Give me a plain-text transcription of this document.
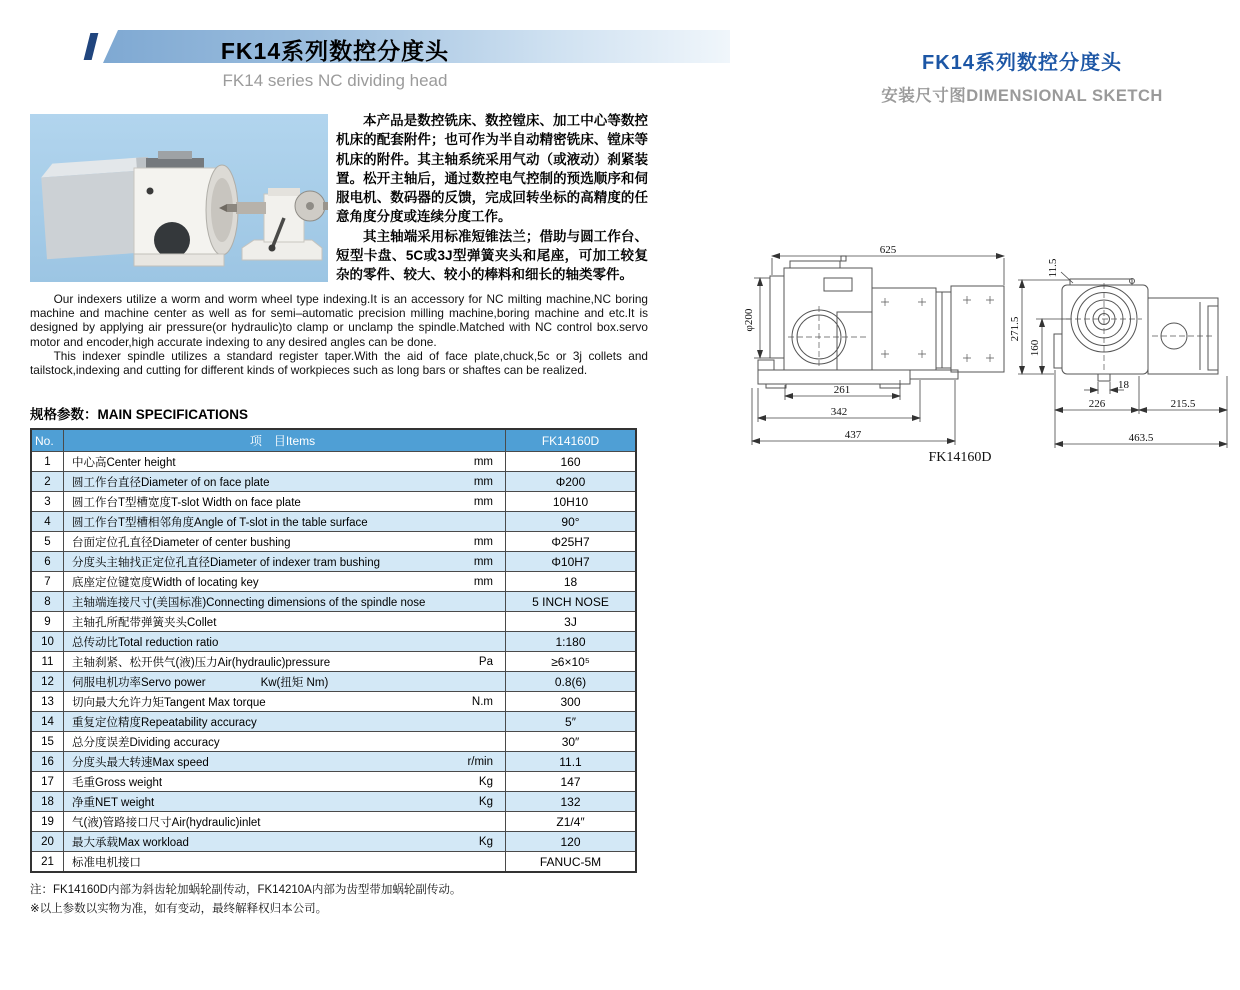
FK14系列数控分度头
FK14 series NC dividing head
FK14系列数控分度头
安装尺寸图DIMENSIONAL SKETCH

本产品是数控铣床、数控镗床、加工中心等数控机床的配套附件；也可作为半自动精密铣床、镗床等机床的附件。其主轴系统采用气动（或液动）刹紧装置。松开主轴后，通过数控电气控制的预选顺序和伺服电机、数码器的反馈，完成回转坐标的高精度的任意角度分度或连续分度工作。

其主轴端采用标准短锥法兰；借助与圆工作台、短型卡盘、5C或3J型弹簧夹头和尾座，可加工较复杂的零件、较大、较小的棒料和细长的轴类零件。

Our indexers utilize a worm and worm wheel type indexing.It is an accessory for NC milting machine,NC boring machine and machine center as well as for semi–automatic precision milling machine,boring machine and etc.It is designed by applying air pressure(or hydraulic)to clamp or unclamp the spindle.Matched with NC control box.servo motor and encoder,high accurate indexing to any desired angles can be done.

This indexer spindle utilizes a standard register taper.With the aid of face plate,chuck,5c or 3j collets and tailstock,indexing and cutting for different kinds of workpieces such as long bars or shaftes can be realized.

规格参数：MAIN SPECIFICATIONS
No.	项　目Items	FK14160D
1	中心高Center height	mm	160
2	圆工作台直径Diameter of on face plate	mm	Φ200
3	圆工作台T型槽宽度T-slot Width on face plate	mm	10H10
4	圆工作台T型槽相邻角度Angle of T-slot in the table surface	90°
5	台面定位孔直径Diameter of center bushing	mm	Φ25H7
6	分度头主轴找正定位孔直径Diameter of indexer tram bushing	mm	Φ10H7
7	底座定位键宽度Width of locating key	mm	18
8	主轴端连接尺寸(美国标准)Connecting dimensions of the spindle nose	5 INCH NOSE
9	主轴孔所配带弹簧夹头Collet	3J
10	总传动比Total reduction ratio	1:180
11	主轴刹紧、松开供气(液)压力Air(hydraulic)pressure	Pa	≥6×10⁵
12	伺服电机功率Servo power	Kw(扭矩 Nm)	0.8(6)
13	切向最大允许力矩Tangent Max torque	N.m	300
14	重复定位精度Repeatability accuracy	5″
15	总分度误差Dividing accuracy	30″
16	分度头最大转速Max speed	r/min	11.1
17	毛重Gross weight	Kg	147
18	净重NET weight	Kg	132
19	气(液)管路接口尺寸Air(hydraulic)inlet	Z1/4″
20	最大承载Max workload	Kg	120
21	标准电机接口	FANUC-5M
注：FK14160D内部为斜齿轮加蜗轮副传动，FK14210A内部为齿型带加蜗轮副传动。
※以上参数以实物为准，如有变动，最终解释权归本公司。
625
φ200
261
342
437
FK14160D
11.5
271.5
160
18
226	215.5
463.5
